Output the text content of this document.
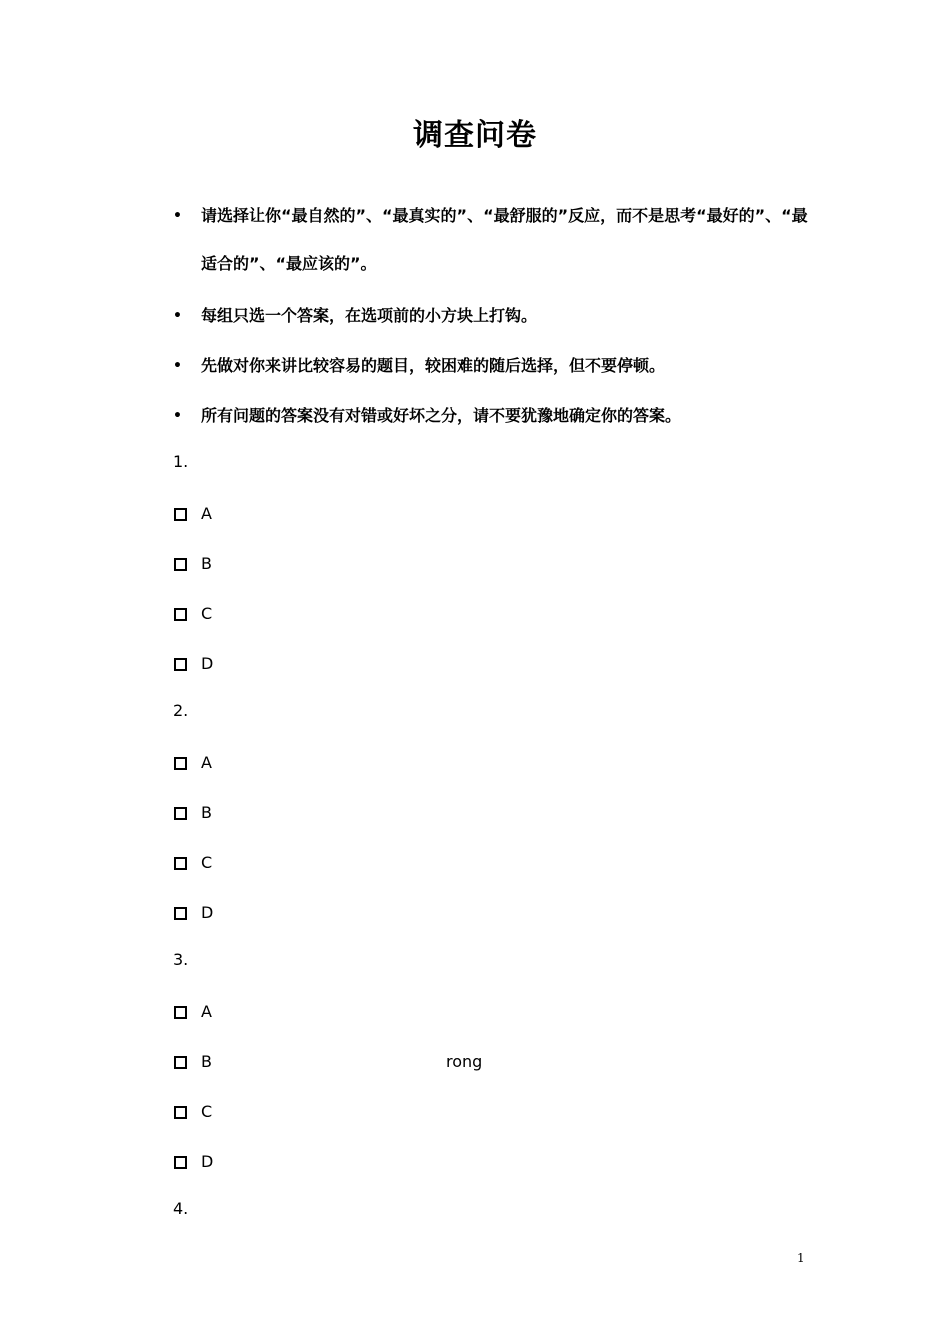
调查问卷
• 请选择让你“最自然的”、“最真实的”、“最舒服的”反应，而不是思考“最好的”、“最适合的”、“最应该的”。
• 每组只选一个答案，在选项前的小方块上打钩。
• 先做对你来讲比较容易的题目，较困难的随后选择，但不要停顿。
• 所有问题的答案没有对错或好坏之分，请不要犹豫地确定你的答案。
1.
A
B
C
D
2.
A
B
C
D
3.
A
B	rong
C
D
4.
1
